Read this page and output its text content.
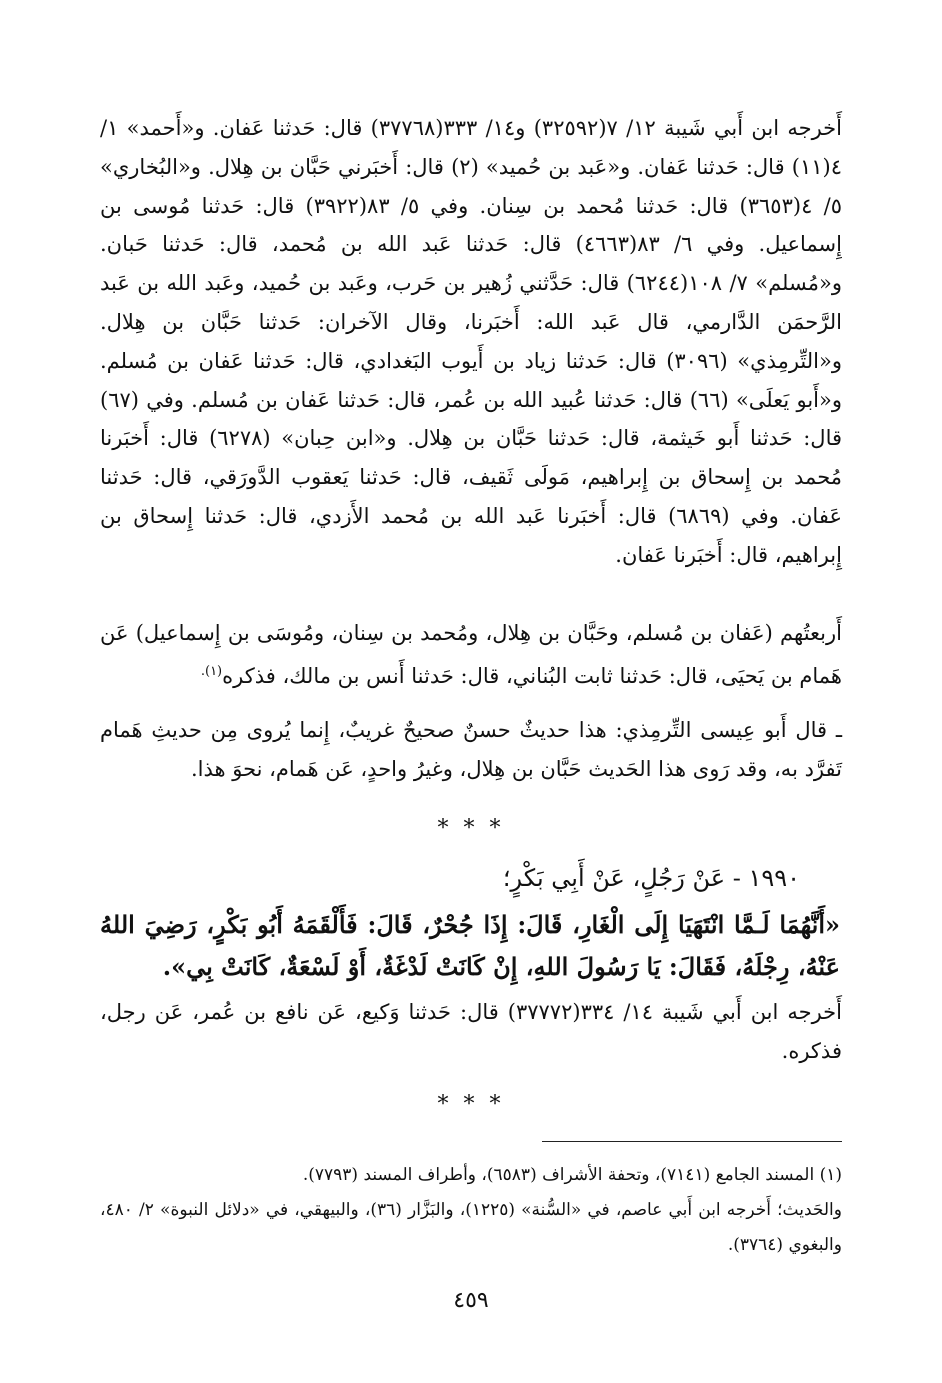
أَخرجه ابن أَبي شَيبة ١٢/ ٧(٣٢٥٩٢) و١٤/ ٣٣٣(٣٧٧٦٨) قال: حَدثنا عَفان. و«أَحمد» ١/ ٤(١١) قال: حَدثنا عَفان. و«عَبد بن حُميد» (٢) قال: أَخبَرني حَبَّان بن هِلال. و«البُخاري» ٥/ ٤(٣٦٥٣) قال: حَدثنا مُحمد بن سِنان. وفي ٥/ ٨٣(٣٩٢٢) قال: حَدثنا مُوسى بن إِسماعيل. وفي ٦/ ٨٣(٤٦٦٣) قال: حَدثنا عَبد الله بن مُحمد، قال: حَدثنا حَبان. و«مُسلم» ٧/ ١٠٨(٦٢٤٤) قال: حَدَّثني زُهير بن حَرب، وعَبد بن حُميد، وعَبد الله بن عَبد الرَّحمَن الدَّارمي، قال عَبد الله: أَخبَرنا، وقال الآخران: حَدثنا حَبَّان بن هِلال. و«التِّرمِذي» (٣٠٩٦) قال: حَدثنا زياد بن أَيوب البَغدادي، قال: حَدثنا عَفان بن مُسلم. و«أَبو يَعلَى» (٦٦) قال: حَدثنا عُبيد الله بن عُمر، قال: حَدثنا عَفان بن مُسلم. وفي (٦٧) قال: حَدثنا أَبو خَيثمة، قال: حَدثنا حَبَّان بن هِلال. و«ابن حِبان» (٦٢٧٨) قال: أَخبَرنا مُحمد بن إِسحاق بن إِبراهيم، مَولَى ثَقيف، قال: حَدثنا يَعقوب الدَّورَقي، قال: حَدثنا عَفان. وفي (٦٨٦٩) قال: أَخبَرنا عَبد الله بن مُحمد الأَزدي، قال: حَدثنا إِسحاق بن إِبراهيم، قال: أَخبَرنا عَفان.

أَربعتُهم (عَفان بن مُسلم، وحَبَّان بن هِلال، ومُحمد بن سِنان، ومُوسَى بن إِسماعيل) عَن هَمام بن يَحيَى، قال: حَدثنا ثابت البُناني، قال: حَدثنا أَنس بن مالك، فذكره$^{(١).}$

ـ قال أَبو عِيسى التِّرمِذي: هذا حديثٌ حسنٌ صحيحٌ غريبٌ، إِنما يُروى مِن حديثِ هَمام تَفرَّد به، وقد رَوى هذا الحَديث حَبَّان بن هِلال، وغيرُ واحدٍ، عَن هَمام، نحوَ هذا.

* * *
١٩٩٠ - عَنْ رَجُلٍ، عَنْ أَبِي بَكْرٍ؛
«أَنَّهُمَا لَـمَّا انْتَهَيَا إِلَى الْغَارِ، قَالَ: إِذَا جُحْرٌ، قَالَ: فَأَلْقَمَهُ أَبُو بَكْرٍ، رَضِيَ اللهُ عَنْهُ، رِجْلَهُ، فَقَالَ: يَا رَسُولَ اللهِ، إِنْ كَانَتْ لَدْغَةٌ، أَوْ لَسْعَةٌ، كَانَتْ بِي».

أَخرجه ابن أَبي شَيبة ١٤/ ٣٣٤(٣٧٧٧٢) قال: حَدثنا وَكيع، عَن نافع بن عُمر، عَن رجل، فذكره.

* * *

(١) المسند الجامع (٧١٤١)، وتحفة الأشراف (٦٥٨٣)، وأطراف المسند (٧٧٩٣).

والحَديث؛ أَخرجه ابن أَبي عاصم، في «السُّنة» (١٢٢٥)، والبَزَّار (٣٦)، والبيهقي، في «دلائل النبوة» ٢/ ٤٨٠، والبغوي (٣٧٦٤).

٤٥٩
